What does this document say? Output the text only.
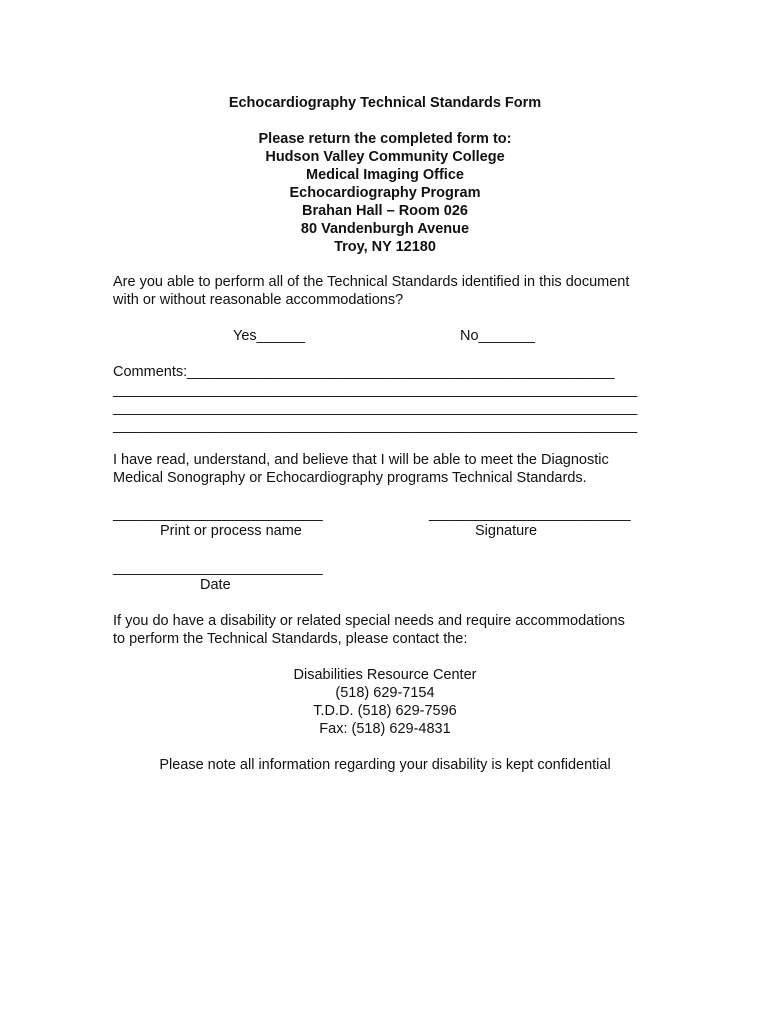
Echocardiography Technical Standards Form
Please return the completed form to:
Hudson Valley Community College
Medical Imaging Office
Echocardiography Program
Brahan Hall – Room 026
80 Vandenburgh Avenue
Troy, NY 12180
Are you able to perform all of the Technical Standards identified in this document
with or without reasonable accommodations?
Yes______	No_______
Comments:_____________________________________________________
_________________________________________________________________
_________________________________________________________________
_________________________________________________________________
I have read, understand, and believe that I will be able to meet the Diagnostic
Medical Sonography or Echocardiography programs Technical Standards.
__________________________	_________________________
Print or process name	Signature
__________________________
Date
If you do have a disability or related special needs and require accommodations
to perform the Technical Standards, please contact the:
Disabilities Resource Center
(518) 629-7154
T.D.D. (518) 629-7596
Fax: (518) 629-4831
Please note all information regarding your disability is kept confidential
